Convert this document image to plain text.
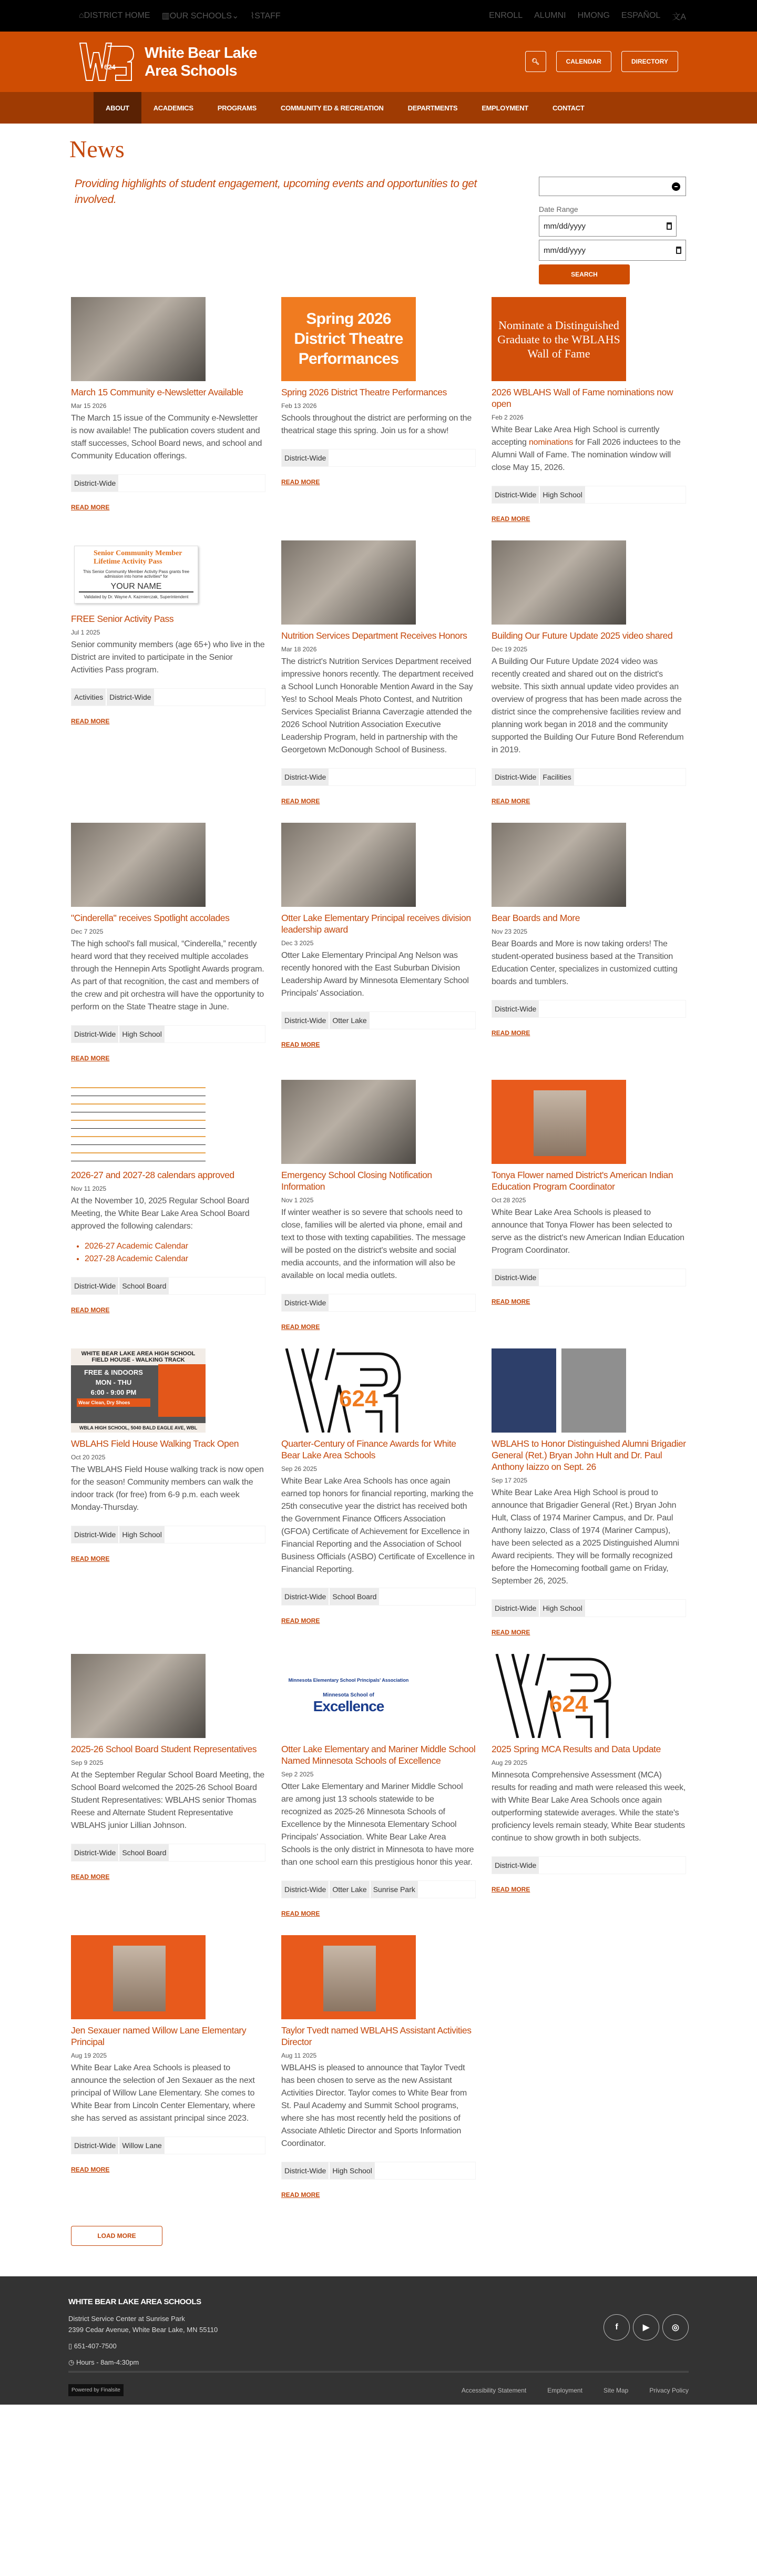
⌂DISTRICT HOME ▥OUR SCHOOLS⌄ ⌇STAFF	ENROLL ALUMNI HMONG ESPAÑOL 文A
624
White Bear Lake
Area Schools
🔍︎	CALENDAR	DIRECTORY
ABOUT	ACADEMICS	PROGRAMS	COMMUNITY ED & RECREATION	DEPARTMENTS	EMPLOYMENT	CONTACT
News

Providing highlights of student engagement, upcoming events and opportunities to get involved.

Date Range
mm/dd/yyyy
mm/dd/yyyy
SEARCH
March 15 Community e-Newsletter Available
Mar 15 2026
The March 15 issue of the Community e-Newsletter is now available! The publication covers student and staff successes, School Board news, and school and Community Education offerings.
District-Wide
READ MORE
Spring 2026
District Theatre
Performances
Spring 2026 District Theatre Performances
Feb 13 2026
Schools throughout the district are performing on the theatrical stage this spring. Join us for a show!
District-Wide
READ MORE
Nominate a Distinguished Graduate to the WBLAHS Wall of Fame
2026 WBLAHS Wall of Fame nominations now open
Feb 2 2026
White Bear Lake Area High School is currently accepting nominations for Fall 2026 inductees to the Alumni Wall of Fame. The nomination window will close May 15, 2026.
District-Wide High School
READ MORE
Senior Community Member Lifetime Activity Pass
This Senior Community Member Activity Pass grants free admission into home activities* for
YOUR NAME
Validated by Dr. Wayne A. Kazmierczak, Superintendent
FREE Senior Activity Pass
Jul 1 2025
Senior community members (age 65+) who live in the District are invited to participate in the Senior Activities Pass program.
Activities District-Wide
READ MORE
Nutrition Services Department Receives Honors
Mar 18 2026
The district's Nutrition Services Department received impressive honors recently. The department received a School Lunch Honorable Mention Award in the Say Yes! to School Meals Photo Contest, and Nutrition Services Specialist Brianna Caverzagie attended the 2026 School Nutrition Association Executive Leadership Program, held in partnership with the Georgetown McDonough School of Business.
District-Wide
READ MORE
Building Our Future Update 2025 video shared
Dec 19 2025
A Building Our Future Update 2024 video was recently created and shared out on the district's website. This sixth annual update video provides an overview of progress that has been made across the district since the comprehensive facilities review and planning work began in 2018 and the community supported the Building Our Future Bond Referendum in 2019.
District-Wide Facilities
READ MORE
"Cinderella" receives Spotlight accolades
Dec 7 2025
The high school's fall musical, “Cinderella,” recently heard word that they received multiple accolades through the Hennepin Arts Spotlight Awards program. As part of that recognition, the cast and members of the crew and pit orchestra will have the opportunity to perform on the State Theatre stage in June.
District-Wide High School
READ MORE
Otter Lake Elementary Principal receives division leadership award
Dec 3 2025
Otter Lake Elementary Principal Ang Nelson was recently honored with the East Suburban Division Leadership Award by Minnesota Elementary School Principals' Association.
District-Wide Otter Lake
READ MORE
Bear Boards and More
Nov 23 2025
Bear Boards and More is now taking orders! The student-operated business based at the Transition Education Center, specializes in customized cutting boards and tumblers.
District-Wide
READ MORE
2026-27 and 2027-28 calendars approved
Nov 11 2025
At the November 10, 2025 Regular School Board Meeting, the White Bear Lake Area School Board approved the following calendars:
• 2026-27 Academic Calendar
• 2027-28 Academic Calendar
District-Wide School Board
READ MORE
Emergency School Closing Notification Information
Nov 1 2025
If winter weather is so severe that schools need to close, families will be alerted via phone, email and text to those with texting capabilities. The message will be posted on the district's website and social media accounts, and the information will also be available on local media outlets.
District-Wide
READ MORE
Tonya Flower named District's American Indian Education Program Coordinator
Oct 28 2025
White Bear Lake Area Schools is pleased to announce that Tonya Flower has been selected to serve as the district's new American Indian Education Program Coordinator.
District-Wide
READ MORE
WHITE BEAR LAKE AREA HIGH SCHOOL FIELD HOUSE - WALKING TRACK
FREE & INDOORS
MON - THU
6:00 - 9:00 PM
Wear Clean, Dry Shoes
WBLA HIGH SCHOOL, 5040 BALD EAGLE AVE, WBL
WBLAHS Field House Walking Track Open
Oct 20 2025
The WBLAHS Field House walking track is now open for the season! Community members can walk the indoor track (for free) from 6-9 p.m. each week Monday-Thursday.
District-Wide High School
READ MORE
624
Quarter-Century of Finance Awards for White Bear Lake Area Schools
Sep 26 2025
White Bear Lake Area Schools has once again earned top honors for financial reporting, marking the 25th consecutive year the district has received both the Government Finance Officers Association (GFOA) Certificate of Achievement for Excellence in Financial Reporting and the Association of School Business Officials (ASBO) Certificate of Excellence in Financial Reporting.
District-Wide School Board
READ MORE
WBLAHS to Honor Distinguished Alumni Brigadier General (Ret.) Bryan John Hult and Dr. Paul Anthony Iaizzo on Sept. 26
Sep 17 2025
White Bear Lake Area High School is proud to announce that Brigadier General (Ret.) Bryan John Hult, Class of 1974 Mariner Campus, and Dr. Paul Anthony Iaizzo, Class of 1974 (Mariner Campus), have been selected as a 2025 Distinguished Alumni Award recipients. They will be formally recognized before the Homecoming football game on Friday, September 26, 2025.
District-Wide High School
READ MORE
2025-26 School Board Student Representatives
Sep 9 2025
At the September Regular School Board Meeting, the School Board welcomed the 2025-26 School Board Student Representatives: WBLAHS senior Thomas Reese and Alternate Student Representative WBLAHS junior Lillian Johnson.
District-Wide School Board
READ MORE
Minnesota Elementary School Principals' Association
Minnesota School of
Excellence
Otter Lake Elementary and Mariner Middle School Named Minnesota Schools of Excellence
Sep 2 2025
Otter Lake Elementary and Mariner Middle School are among just 13 schools statewide to be recognized as 2025-26 Minnesota Schools of Excellence by the Minnesota Elementary School Principals' Association. White Bear Lake Area Schools is the only district in Minnesota to have more than one school earn this prestigious honor this year.
District-Wide Otter Lake Sunrise Park
READ MORE
624
2025 Spring MCA Results and Data Update
Aug 29 2025
Minnesota Comprehensive Assessment (MCA) results for reading and math were released this week, with White Bear Lake Area Schools once again outperforming statewide averages. While the state's proficiency levels remain steady, White Bear students continue to show growth in both subjects.
District-Wide
READ MORE
Jen Sexauer named Willow Lane Elementary Principal
Aug 19 2025
White Bear Lake Area Schools is pleased to announce the selection of Jen Sexauer as the next principal of Willow Lane Elementary. She comes to White Bear from Lincoln Center Elementary, where she has served as assistant principal since 2023.
District-Wide Willow Lane
READ MORE
Taylor Tvedt named WBLAHS Assistant Activities Director
Aug 11 2025
WBLAHS is pleased to announce that Taylor Tvedt has been chosen to serve as the new Assistant Activities Director. Taylor comes to White Bear from St. Paul Academy and Summit School programs, where she has most recently held the positions of Associate Athletic Director and Sports Information Coordinator.
District-Wide High School
READ MORE
LOAD MORE
WHITE BEAR LAKE AREA SCHOOLS
District Service Center at Sunrise Park
2399 Cedar Avenue, White Bear Lake, MN 55110
▯ 651-407-7500
◷ Hours - 8am-4:30pm
f	▶	◎
Powered by Finalsite	Accessibility Statement	Employment	Site Map	Privacy Policy
